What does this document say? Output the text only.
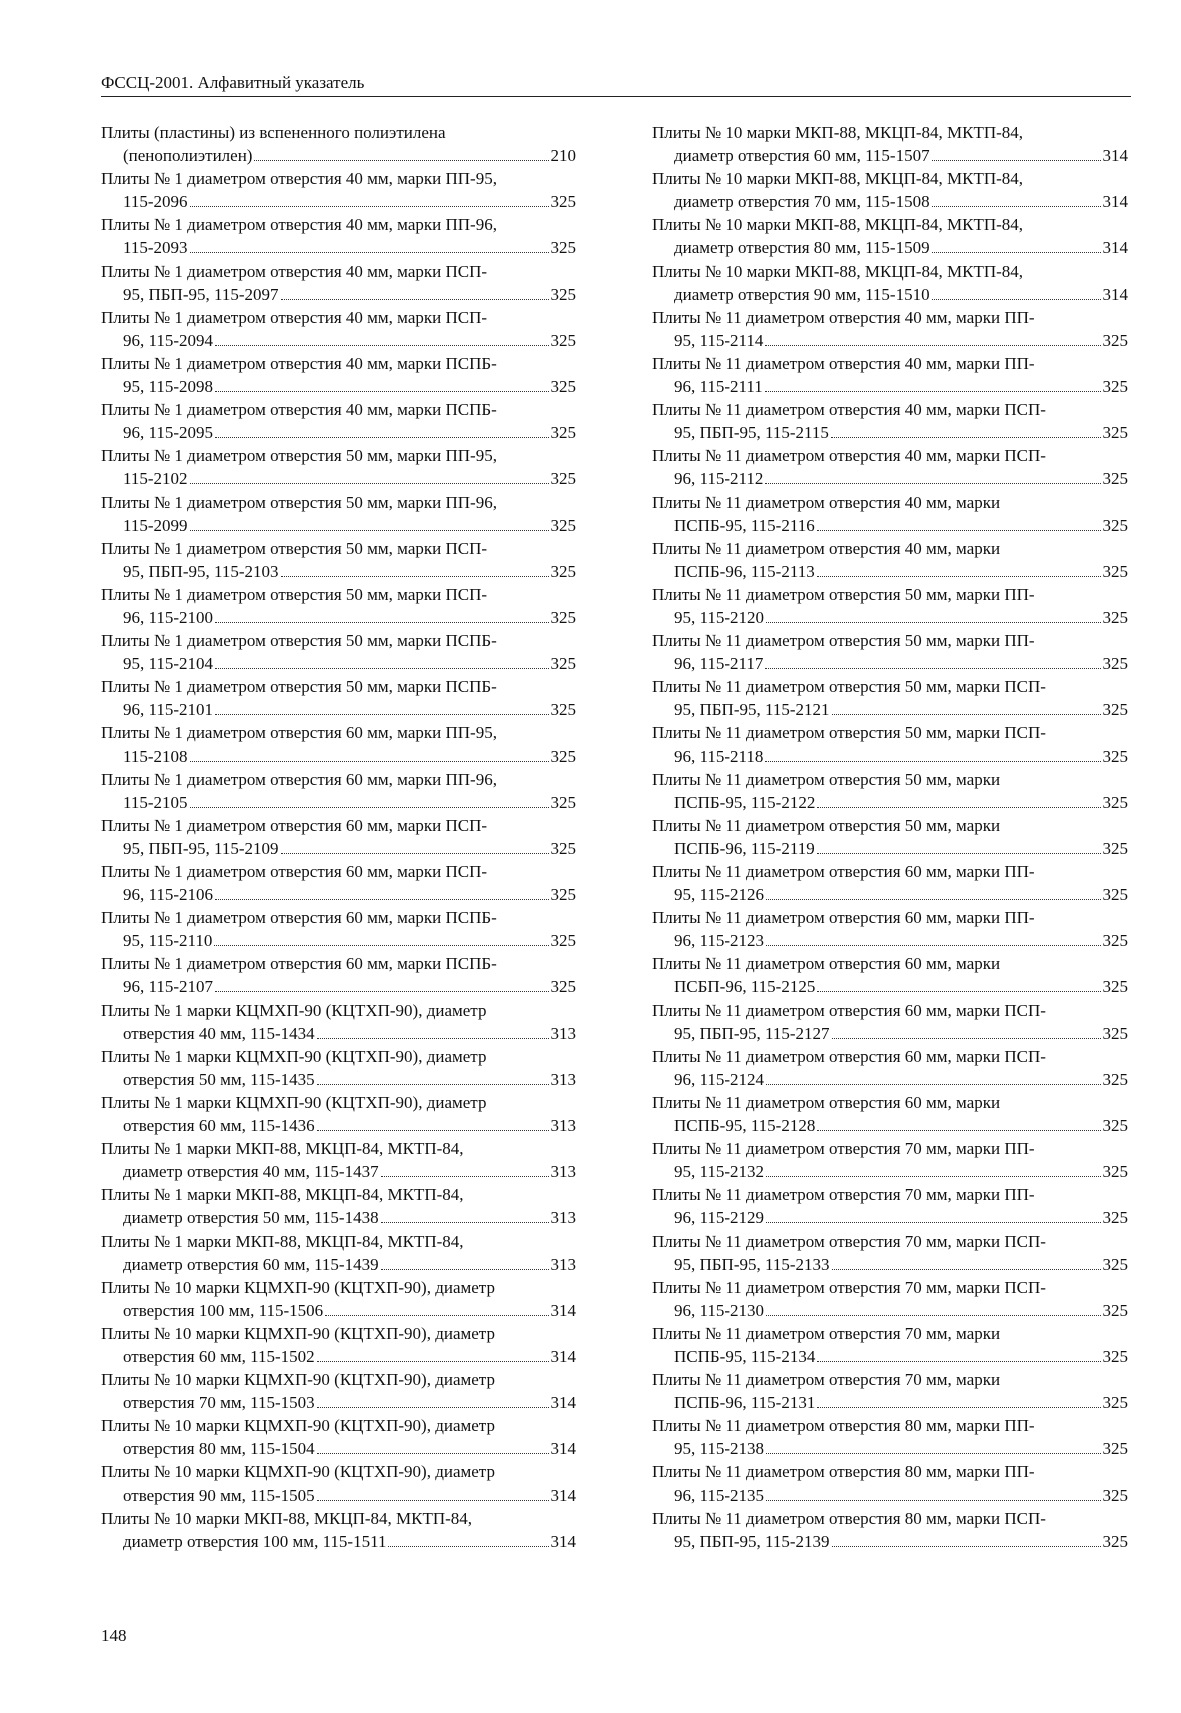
ФССЦ-2001. Алфавитный указатель
Плиты (пластины) из вспененного полиэтилена
(пенополиэтилен)	210
Плиты № 1 диаметром отверстия 40 мм, марки ПП-95,
115-2096	325
Плиты № 1 диаметром отверстия 40 мм, марки ПП-96,
115-2093	325
Плиты № 1 диаметром отверстия 40 мм, марки ПСП-
95, ПБП-95, 115-2097	325
Плиты № 1 диаметром отверстия 40 мм, марки ПСП-
96, 115-2094	325
Плиты № 1 диаметром отверстия 40 мм, марки ПСПБ-
95, 115-2098	325
Плиты № 1 диаметром отверстия 40 мм, марки ПСПБ-
96, 115-2095	325
Плиты № 1 диаметром отверстия 50 мм, марки ПП-95,
115-2102	325
Плиты № 1 диаметром отверстия 50 мм, марки ПП-96,
115-2099	325
Плиты № 1 диаметром отверстия 50 мм, марки ПСП-
95, ПБП-95, 115-2103	325
Плиты № 1 диаметром отверстия 50 мм, марки ПСП-
96, 115-2100	325
Плиты № 1 диаметром отверстия 50 мм, марки ПСПБ-
95, 115-2104	325
Плиты № 1 диаметром отверстия 50 мм, марки ПСПБ-
96, 115-2101	325
Плиты № 1 диаметром отверстия 60 мм, марки ПП-95,
115-2108	325
Плиты № 1 диаметром отверстия 60 мм, марки ПП-96,
115-2105	325
Плиты № 1 диаметром отверстия 60 мм, марки ПСП-
95, ПБП-95, 115-2109	325
Плиты № 1 диаметром отверстия 60 мм, марки ПСП-
96, 115-2106	325
Плиты № 1 диаметром отверстия 60 мм, марки ПСПБ-
95, 115-2110	325
Плиты № 1 диаметром отверстия 60 мм, марки ПСПБ-
96, 115-2107	325
Плиты № 1 марки КЦМХП-90 (КЦТХП-90), диаметр
отверстия 40 мм, 115-1434	313
Плиты № 1 марки КЦМХП-90 (КЦТХП-90), диаметр
отверстия 50 мм, 115-1435	313
Плиты № 1 марки КЦМХП-90 (КЦТХП-90), диаметр
отверстия 60 мм, 115-1436	313
Плиты № 1 марки МКП-88, МКЦП-84, МКТП-84,
диаметр отверстия 40 мм, 115-1437	313
Плиты № 1 марки МКП-88, МКЦП-84, МКТП-84,
диаметр отверстия 50 мм, 115-1438	313
Плиты № 1 марки МКП-88, МКЦП-84, МКТП-84,
диаметр отверстия 60 мм, 115-1439	313
Плиты № 10 марки КЦМХП-90 (КЦТХП-90), диаметр
отверстия 100 мм, 115-1506	314
Плиты № 10 марки КЦМХП-90 (КЦТХП-90), диаметр
отверстия 60 мм, 115-1502	314
Плиты № 10 марки КЦМХП-90 (КЦТХП-90), диаметр
отверстия 70 мм, 115-1503	314
Плиты № 10 марки КЦМХП-90 (КЦТХП-90), диаметр
отверстия 80 мм, 115-1504	314
Плиты № 10 марки КЦМХП-90 (КЦТХП-90), диаметр
отверстия 90 мм, 115-1505	314
Плиты № 10 марки МКП-88, МКЦП-84, МКТП-84,
диаметр отверстия 100 мм, 115-1511	314
Плиты № 10 марки МКП-88, МКЦП-84, МКТП-84,
диаметр отверстия 60 мм, 115-1507	314
Плиты № 10 марки МКП-88, МКЦП-84, МКТП-84,
диаметр отверстия 70 мм, 115-1508	314
Плиты № 10 марки МКП-88, МКЦП-84, МКТП-84,
диаметр отверстия 80 мм, 115-1509	314
Плиты № 10 марки МКП-88, МКЦП-84, МКТП-84,
диаметр отверстия 90 мм, 115-1510	314
Плиты № 11 диаметром отверстия 40 мм, марки ПП-
95, 115-2114	325
Плиты № 11 диаметром отверстия 40 мм, марки ПП-
96, 115-2111	325
Плиты № 11 диаметром отверстия 40 мм, марки ПСП-
95, ПБП-95, 115-2115	325
Плиты № 11 диаметром отверстия 40 мм, марки ПСП-
96, 115-2112	325
Плиты № 11 диаметром отверстия 40 мм, марки
ПСПБ-95, 115-2116	325
Плиты № 11 диаметром отверстия 40 мм, марки
ПСПБ-96, 115-2113	325
Плиты № 11 диаметром отверстия 50 мм, марки ПП-
95, 115-2120	325
Плиты № 11 диаметром отверстия 50 мм, марки ПП-
96, 115-2117	325
Плиты № 11 диаметром отверстия 50 мм, марки ПСП-
95, ПБП-95, 115-2121	325
Плиты № 11 диаметром отверстия 50 мм, марки ПСП-
96, 115-2118	325
Плиты № 11 диаметром отверстия 50 мм, марки
ПСПБ-95, 115-2122	325
Плиты № 11 диаметром отверстия 50 мм, марки
ПСПБ-96, 115-2119	325
Плиты № 11 диаметром отверстия 60 мм, марки ПП-
95, 115-2126	325
Плиты № 11 диаметром отверстия 60 мм, марки ПП-
96, 115-2123	325
Плиты № 11 диаметром отверстия 60 мм, марки
ПСБП-96, 115-2125	325
Плиты № 11 диаметром отверстия 60 мм, марки ПСП-
95, ПБП-95, 115-2127	325
Плиты № 11 диаметром отверстия 60 мм, марки ПСП-
96, 115-2124	325
Плиты № 11 диаметром отверстия 60 мм, марки
ПСПБ-95, 115-2128	325
Плиты № 11 диаметром отверстия 70 мм, марки ПП-
95, 115-2132	325
Плиты № 11 диаметром отверстия 70 мм, марки ПП-
96, 115-2129	325
Плиты № 11 диаметром отверстия 70 мм, марки ПСП-
95, ПБП-95, 115-2133	325
Плиты № 11 диаметром отверстия 70 мм, марки ПСП-
96, 115-2130	325
Плиты № 11 диаметром отверстия 70 мм, марки
ПСПБ-95, 115-2134	325
Плиты № 11 диаметром отверстия 70 мм, марки
ПСПБ-96, 115-2131	325
Плиты № 11 диаметром отверстия 80 мм, марки ПП-
95, 115-2138	325
Плиты № 11 диаметром отверстия 80 мм, марки ПП-
96, 115-2135	325
Плиты № 11 диаметром отверстия 80 мм, марки ПСП-
95, ПБП-95, 115-2139	325
148
